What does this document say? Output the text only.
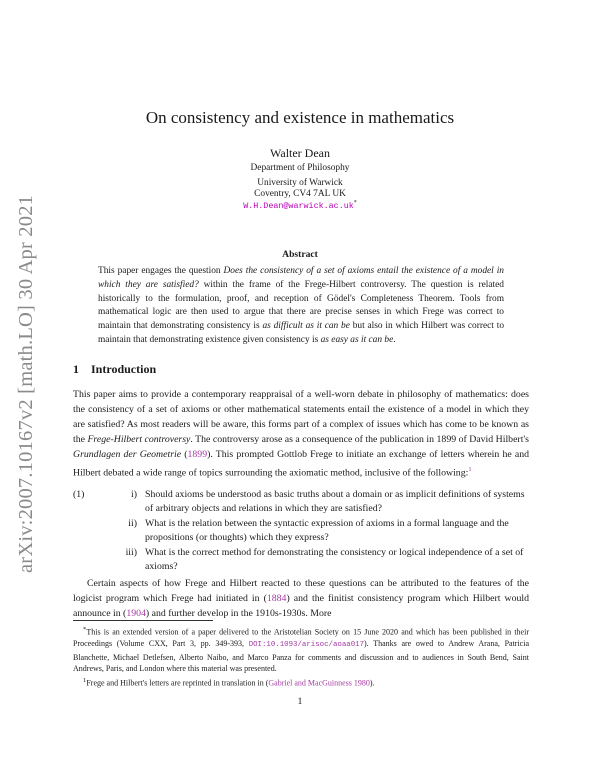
arXiv:2007.10167v2 [math.LO] 30 Apr 2021
On consistency and existence in mathematics
Walter Dean
Department of Philosophy
University of Warwick
Coventry, CV4 7AL UK
W.H.Dean@warwick.ac.uk*
Abstract
This paper engages the question Does the consistency of a set of axioms entail the existence of a model in which they are satisfied? within the frame of the Frege-Hilbert controversy. The question is related historically to the formulation, proof, and reception of Gödel's Completeness Theorem. Tools from mathematical logic are then used to argue that there are precise senses in which Frege was correct to maintain that demonstrating consistency is as difficult as it can be but also in which Hilbert was correct to maintain that demonstrating existence given consistency is as easy as it can be.
1 Introduction
This paper aims to provide a contemporary reappraisal of a well-worn debate in philosophy of mathematics: does the consistency of a set of axioms or other mathematical statements entail the existence of a model in which they are satisfied? As most readers will be aware, this forms part of a complex of issues which has come to be known as the Frege-Hilbert controversy. The controversy arose as a consequence of the publication in 1899 of David Hilbert's Grundlagen der Geometrie (1899). This prompted Gottlob Frege to initiate an exchange of letters wherein he and Hilbert debated a wide range of topics surrounding the axiomatic method, inclusive of the following:$^1$
(1)	i) Should axioms be understood as basic truths about a domain or as implicit definitions of systems of arbitrary objects and relations in which they are satisfied?
ii) What is the relation between the syntactic expression of axioms in a formal language and the propositions (or thoughts) which they express?
iii) What is the correct method for demonstrating the consistency or logical independence of a set of axioms?
Certain aspects of how Frege and Hilbert reacted to these questions can be attributed to the features of the logicist program which Frege had initiated in (1884) and the finitist consistency program which Hilbert would announce in (1904) and further develop in the 1910s-1930s. More

*This is an extended version of a paper delivered to the Aristotelian Society on 15 June 2020 and which has been published in their Proceedings (Volume CXX, Part 3, pp. 349-393, DOI:10.1093/arisoc/aoaa017). Thanks are owed to Andrew Arana, Patricia Blanchette, Michael Detlefsen, Alberto Naibo, and Marco Panza for comments and discussion and to audiences in South Bend, Saint Andrews, Paris, and London where this material was presented.

$^1$Frege and Hilbert's letters are reprinted in translation in (Gabriel and MacGuinness 1980).

1
